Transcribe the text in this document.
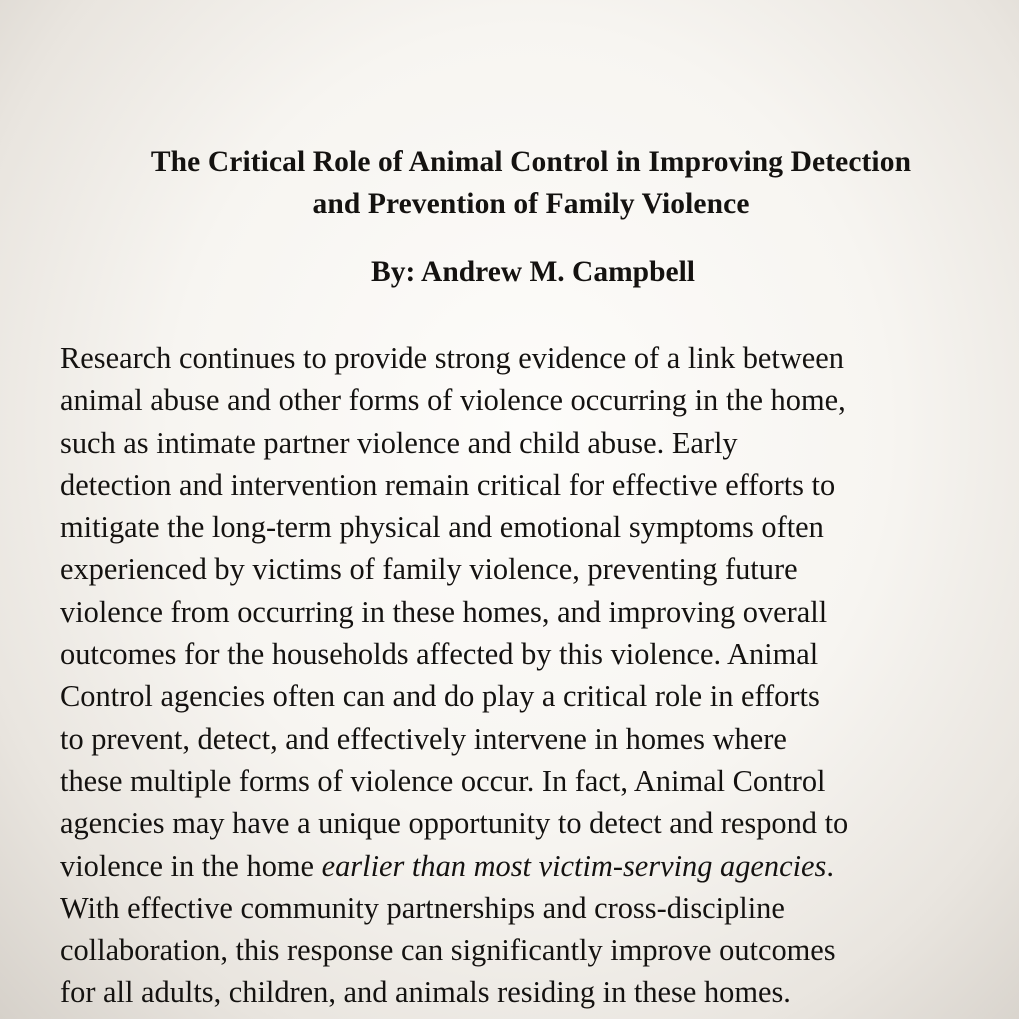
The Critical Role of Animal Control in Improving Detection
and Prevention of Family Violence

By: Andrew M. Campbell

Research continues to provide strong evidence of a link between
animal abuse and other forms of violence occurring in the home,
such as intimate partner violence and child abuse. Early
detection and intervention remain critical for effective efforts to
mitigate the long-term physical and emotional symptoms often
experienced by victims of family violence, preventing future
violence from occurring in these homes, and improving overall
outcomes for the households affected by this violence. Animal
Control agencies often can and do play a critical role in efforts
to prevent, detect, and effectively intervene in homes where
these multiple forms of violence occur. In fact, Animal Control
agencies may have a unique opportunity to detect and respond to
violence in the home earlier than most victim-serving agencies.
With effective community partnerships and cross-discipline
collaboration, this response can significantly improve outcomes
for all adults, children, and animals residing in these homes.
